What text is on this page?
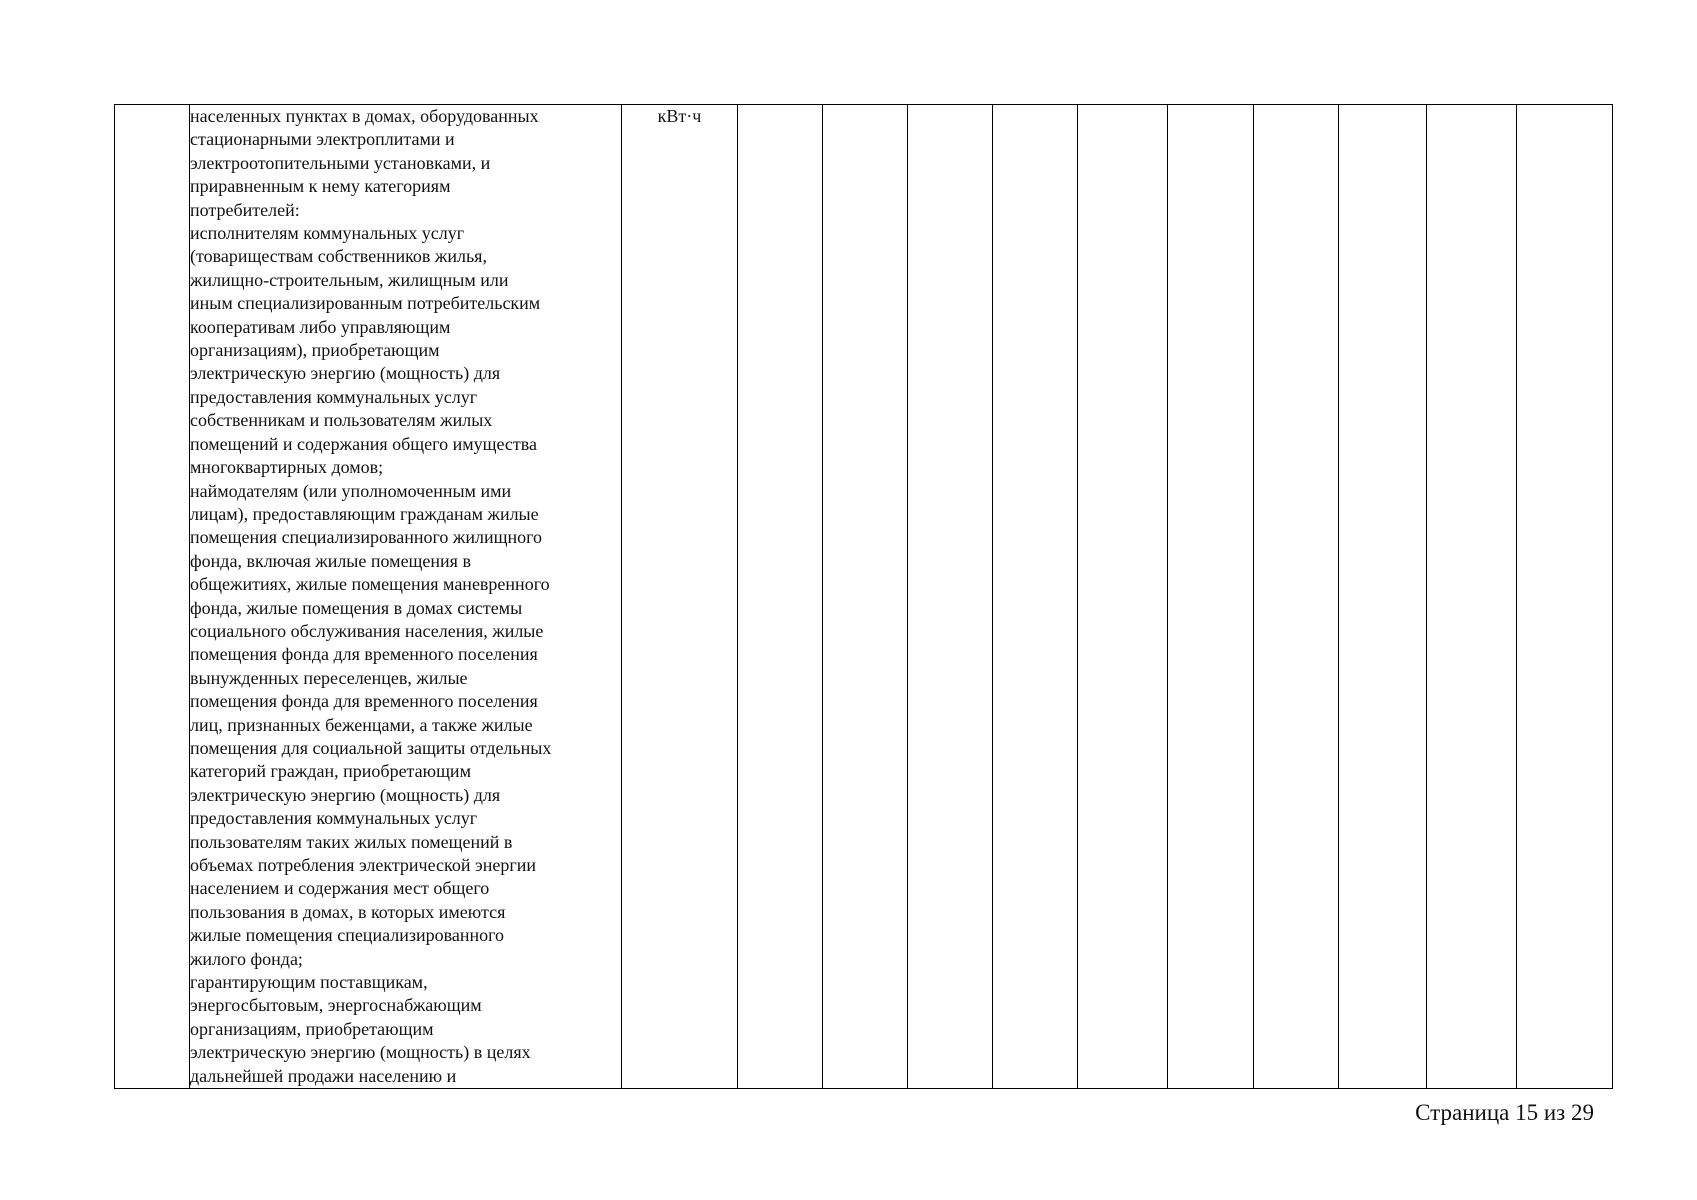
населенных пунктах в домах, оборудованных
стационарными электроплитами и
электроотопительными установками, и
приравненным к нему категориям
потребителей:
исполнителям коммунальных услуг
(товариществам собственников жилья,
жилищно-строительным, жилищным или
иным специализированным потребительским
кооперативам либо управляющим
организациям), приобретающим
электрическую энергию (мощность) для
предоставления коммунальных услуг
собственникам и пользователям жилых
помещений и содержания общего имущества
многоквартирных домов;
наймодателям (или уполномоченным ими
лицам), предоставляющим гражданам жилые
помещения специализированного жилищного
фонда, включая жилые помещения в
общежитиях, жилые помещения маневренного
фонда, жилые помещения в домах системы
социального обслуживания населения, жилые
помещения фонда для временного поселения
вынужденных переселенцев, жилые
помещения фонда для временного поселения
лиц, признанных беженцами, а также жилые
помещения для социальной защиты отдельных
категорий граждан, приобретающим
электрическую энергию (мощность) для
предоставления коммунальных услуг
пользователям таких жилых помещений в
объемах потребления электрической энергии
населением и содержания мест общего
пользования в домах, в которых имеются
жилые помещения специализированного
жилого фонда;
гарантирующим поставщикам,
энергосбытовым, энергоснабжающим
организациям, приобретающим
электрическую энергию (мощность) в целях
дальнейшей продажи населению и
	кВт·ч										
Страница 15 из 29
